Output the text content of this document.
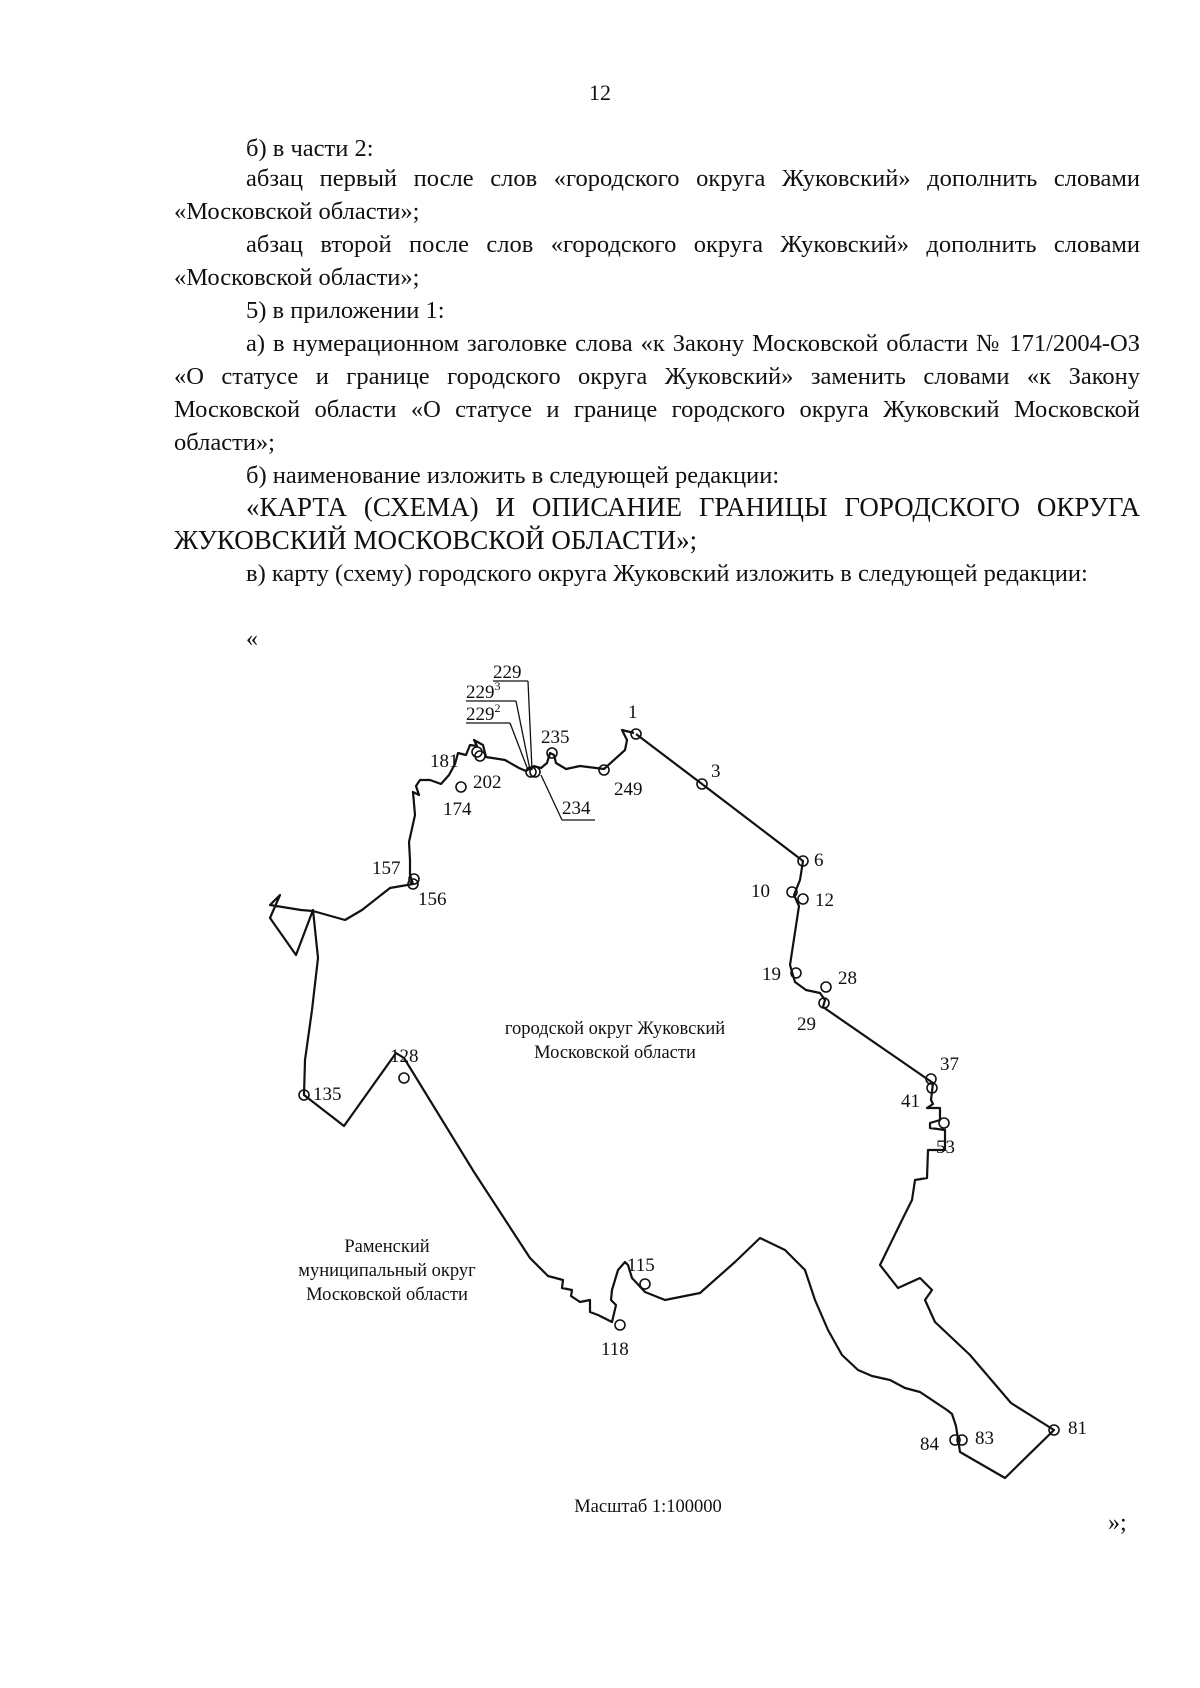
12

б) в части 2:

абзац первый после слов «городского округа Жуковский» дополнить словами «Московской области»;

абзац второй после слов «городского округа Жуковский» дополнить словами «Московской области»;

5) в приложении 1:

а) в нумерационном заголовке слова «к Закону Московской области № 171/2004-ОЗ «О статусе и границе городского округа Жуковский» заменить словами «к Закону Московской области «О статусе и границе городского округа Жуковский Московской области»;

б) наименование изложить в следующей редакции:

«КАРТА (СХЕМА) И ОПИСАНИЕ ГРАНИЦЫ ГОРОДСКОГО ОКРУГА ЖУКОВСКИЙ МОСКОВСКОЙ ОБЛАСТИ»;

в) карту (схему) городского округа Жуковский изложить в следующей редакции:

«
»;
1
3
6
10 12
19	28
29
37
41
53
81
83
84
115
118
128
135
156
157
174
181
202
229
$229^3$
$229^2$
234
235
249
городской округ Жуковский
Московской области
Раменский
муниципальный округ
Московской области
Масштаб 1:100000
